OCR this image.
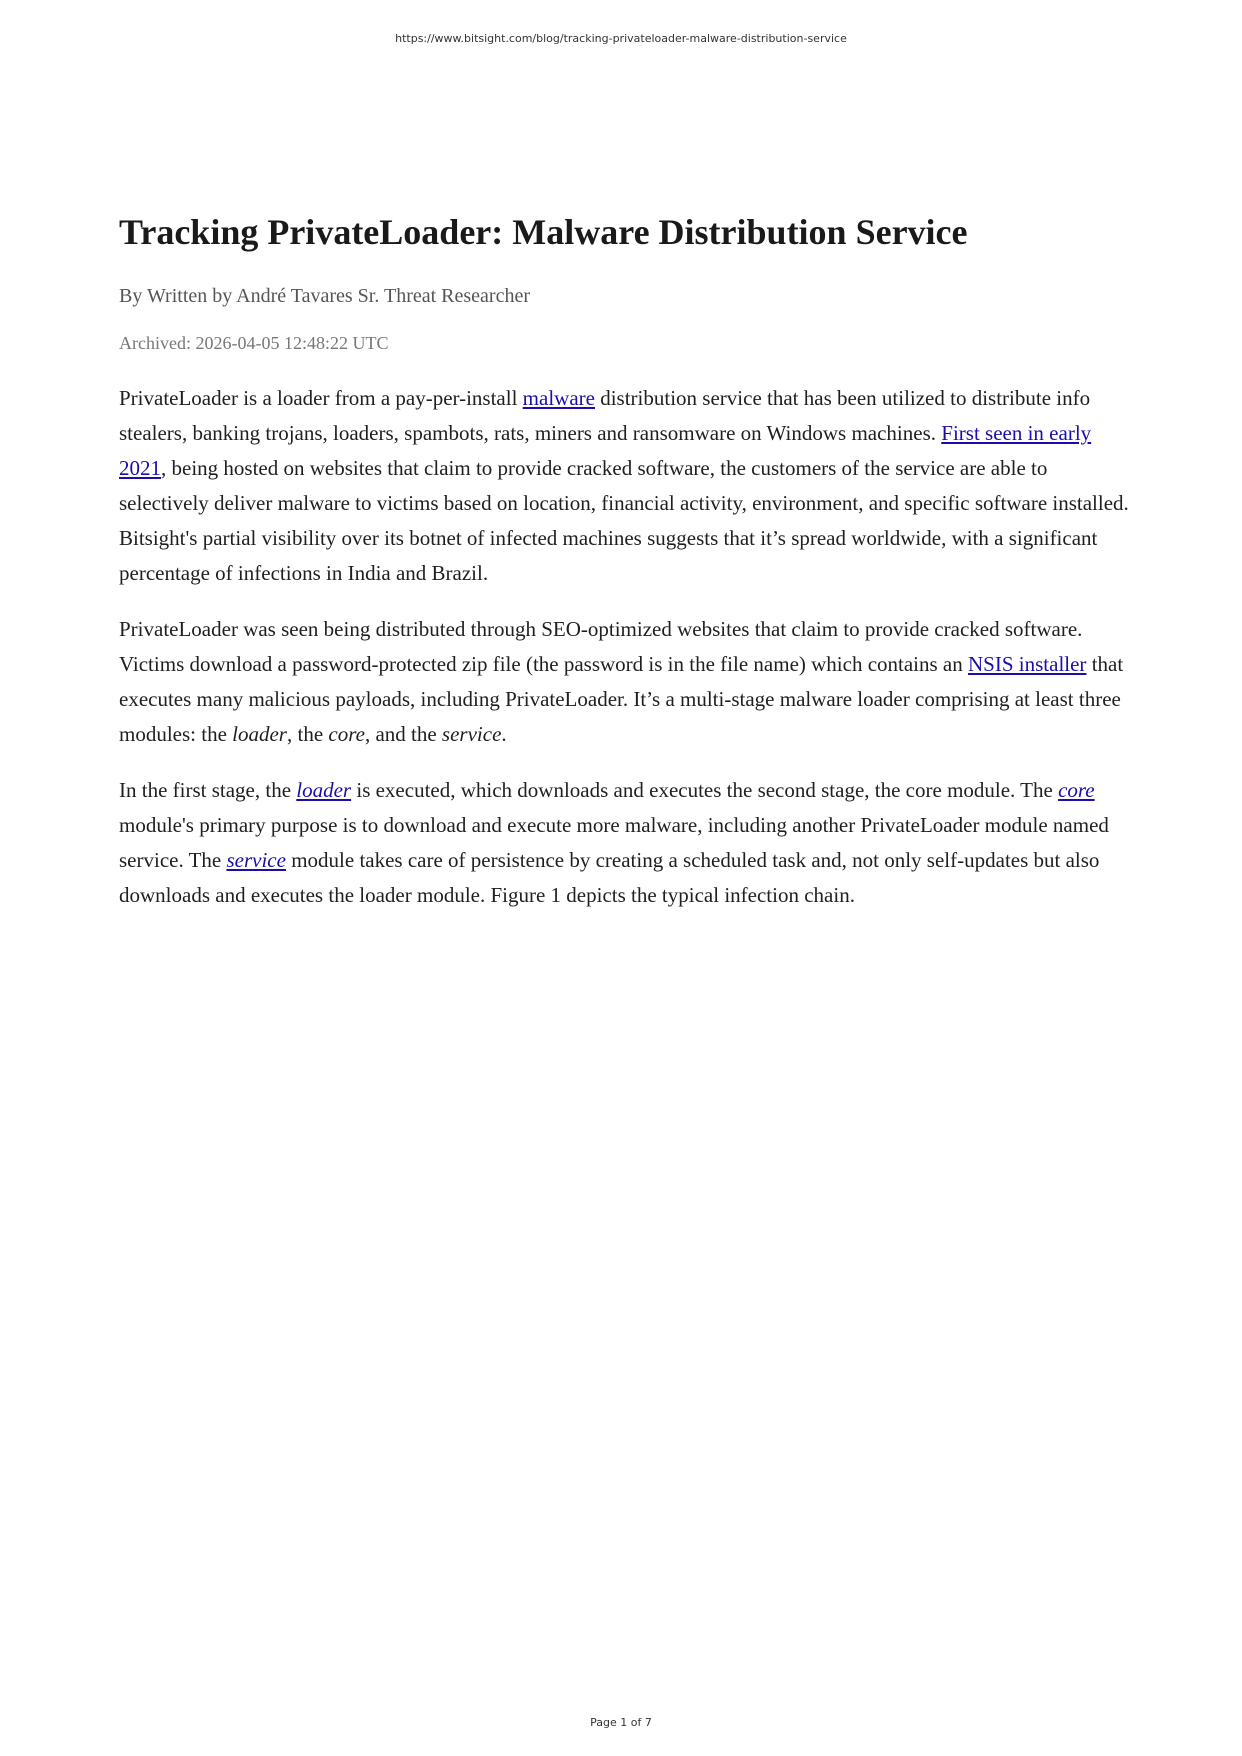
https://www.bitsight.com/blog/tracking-privateloader-malware-distribution-service
Tracking PrivateLoader: Malware Distribution Service

By Written by André Tavares Sr. Threat Researcher

Archived: 2026-04-05 12:48:22 UTC

PrivateLoader is a loader from a pay-per-install malware distribution service that has been utilized to distribute info stealers, banking trojans, loaders, spambots, rats, miners and ransomware on Windows machines. First seen in early 2021, being hosted on websites that claim to provide cracked software, the customers of the service are able to selectively deliver malware to victims based on location, financial activity, environment, and specific software installed. Bitsight's partial visibility over its botnet of infected machines suggests that it’s spread worldwide, with a significant percentage of infections in India and Brazil.

PrivateLoader was seen being distributed through SEO-optimized websites that claim to provide cracked software. Victims download a password-protected zip file (the password is in the file name) which contains an NSIS installer that executes many malicious payloads, including PrivateLoader. It’s a multi-stage malware loader comprising at least three modules: the loader, the core, and the service.

In the first stage, the loader is executed, which downloads and executes the second stage, the core module. The core module's primary purpose is to download and execute more malware, including another PrivateLoader module named service. The service module takes care of persistence by creating a scheduled task and, not only self-updates but also downloads and executes the loader module. Figure 1 depicts the typical infection chain.

Page 1 of 7
